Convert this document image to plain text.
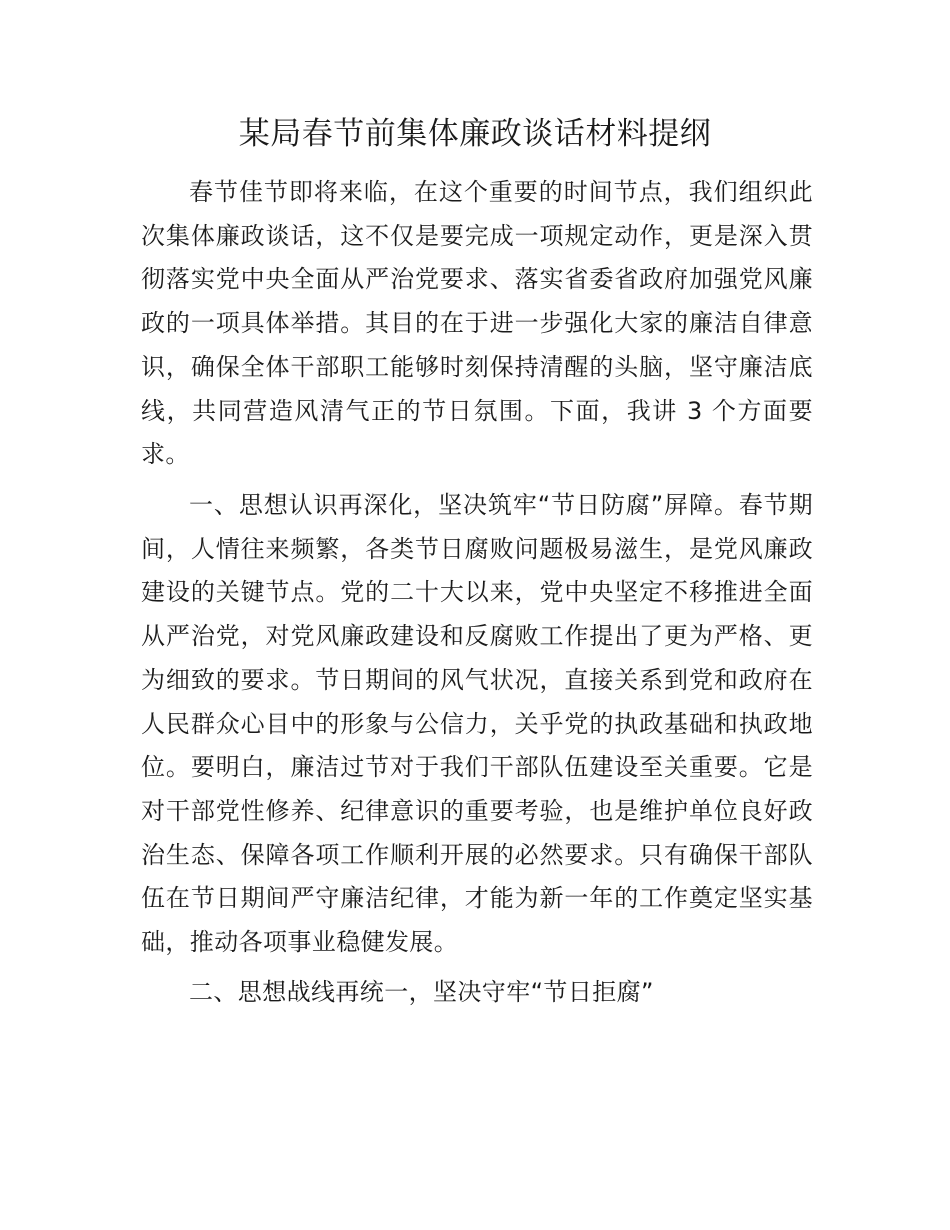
某局春节前集体廉政谈话材料提纲

春节佳节即将来临，在这个重要的时间节点，我们组织此次集体廉政谈话，这不仅是要完成一项规定动作，更是深入贯彻落实党中央全面从严治党要求、落实省委省政府加强党风廉政的一项具体举措。其目的在于进一步强化大家的廉洁自律意识，确保全体干部职工能够时刻保持清醒的头脑，坚守廉洁底线，共同营造风清气正的节日氛围。下面，我讲 3 个方面要求。

一、思想认识再深化，坚决筑牢“节日防腐”屏障。春节期间，人情往来频繁，各类节日腐败问题极易滋生，是党风廉政建设的关键节点。党的二十大以来，党中央坚定不移推进全面从严治党，对党风廉政建设和反腐败工作提出了更为严格、更为细致的要求。节日期间的风气状况，直接关系到党和政府在人民群众心目中的形象与公信力，关乎党的执政基础和执政地位。要明白，廉洁过节对于我们干部队伍建设至关重要。它是对干部党性修养、纪律意识的重要考验，也是维护单位良好政治生态、保障各项工作顺利开展的必然要求。只有确保干部队伍在节日期间严守廉洁纪律，才能为新一年的工作奠定坚实基础，推动各项事业稳健发展。

二、思想战线再统一，坚决守牢“节日拒腐”
